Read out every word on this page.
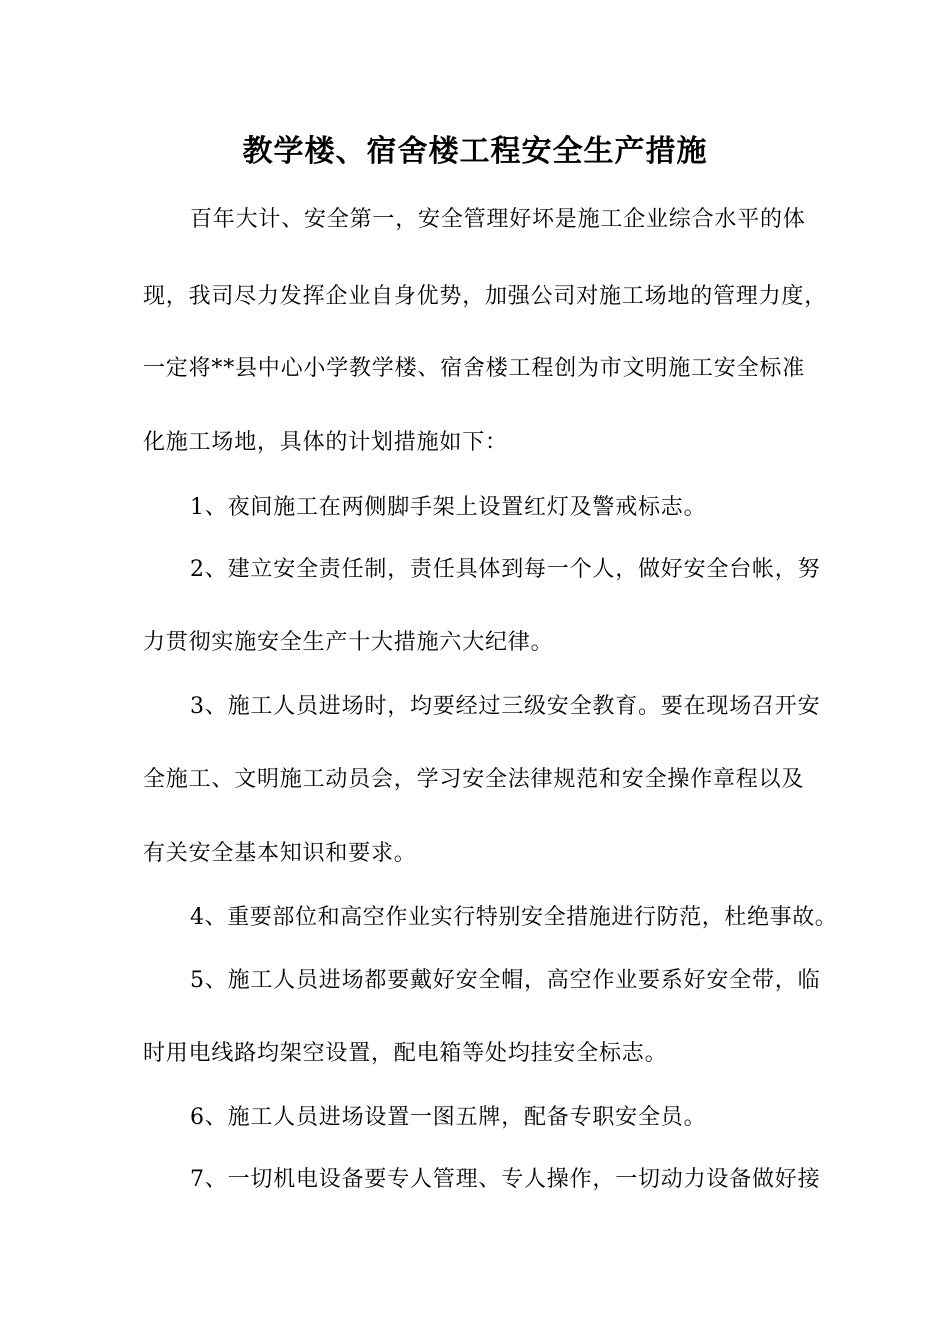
教学楼、宿舍楼工程安全生产措施
百年大计、安全第一，安全管理好坏是施工企业综合水平的体
现，我司尽力发挥企业自身优势，加强公司对施工场地的管理力度，
一定将**县中心小学教学楼、宿舍楼工程创为市文明施工安全标准
化施工场地，具体的计划措施如下：
1、夜间施工在两侧脚手架上设置红灯及警戒标志。
2、建立安全责任制，责任具体到每一个人，做好安全台帐，努
力贯彻实施安全生产十大措施六大纪律。
3、施工人员进场时，均要经过三级安全教育。要在现场召开安
全施工、文明施工动员会，学习安全法律规范和安全操作章程以及
有关安全基本知识和要求。
4、重要部位和高空作业实行特别安全措施进行防范，杜绝事故。
5、施工人员进场都要戴好安全帽，高空作业要系好安全带，临
时用电线路均架空设置，配电箱等处均挂安全标志。
6、施工人员进场设置一图五牌，配备专职安全员。
7、一切机电设备要专人管理、专人操作，一切动力设备做好接
